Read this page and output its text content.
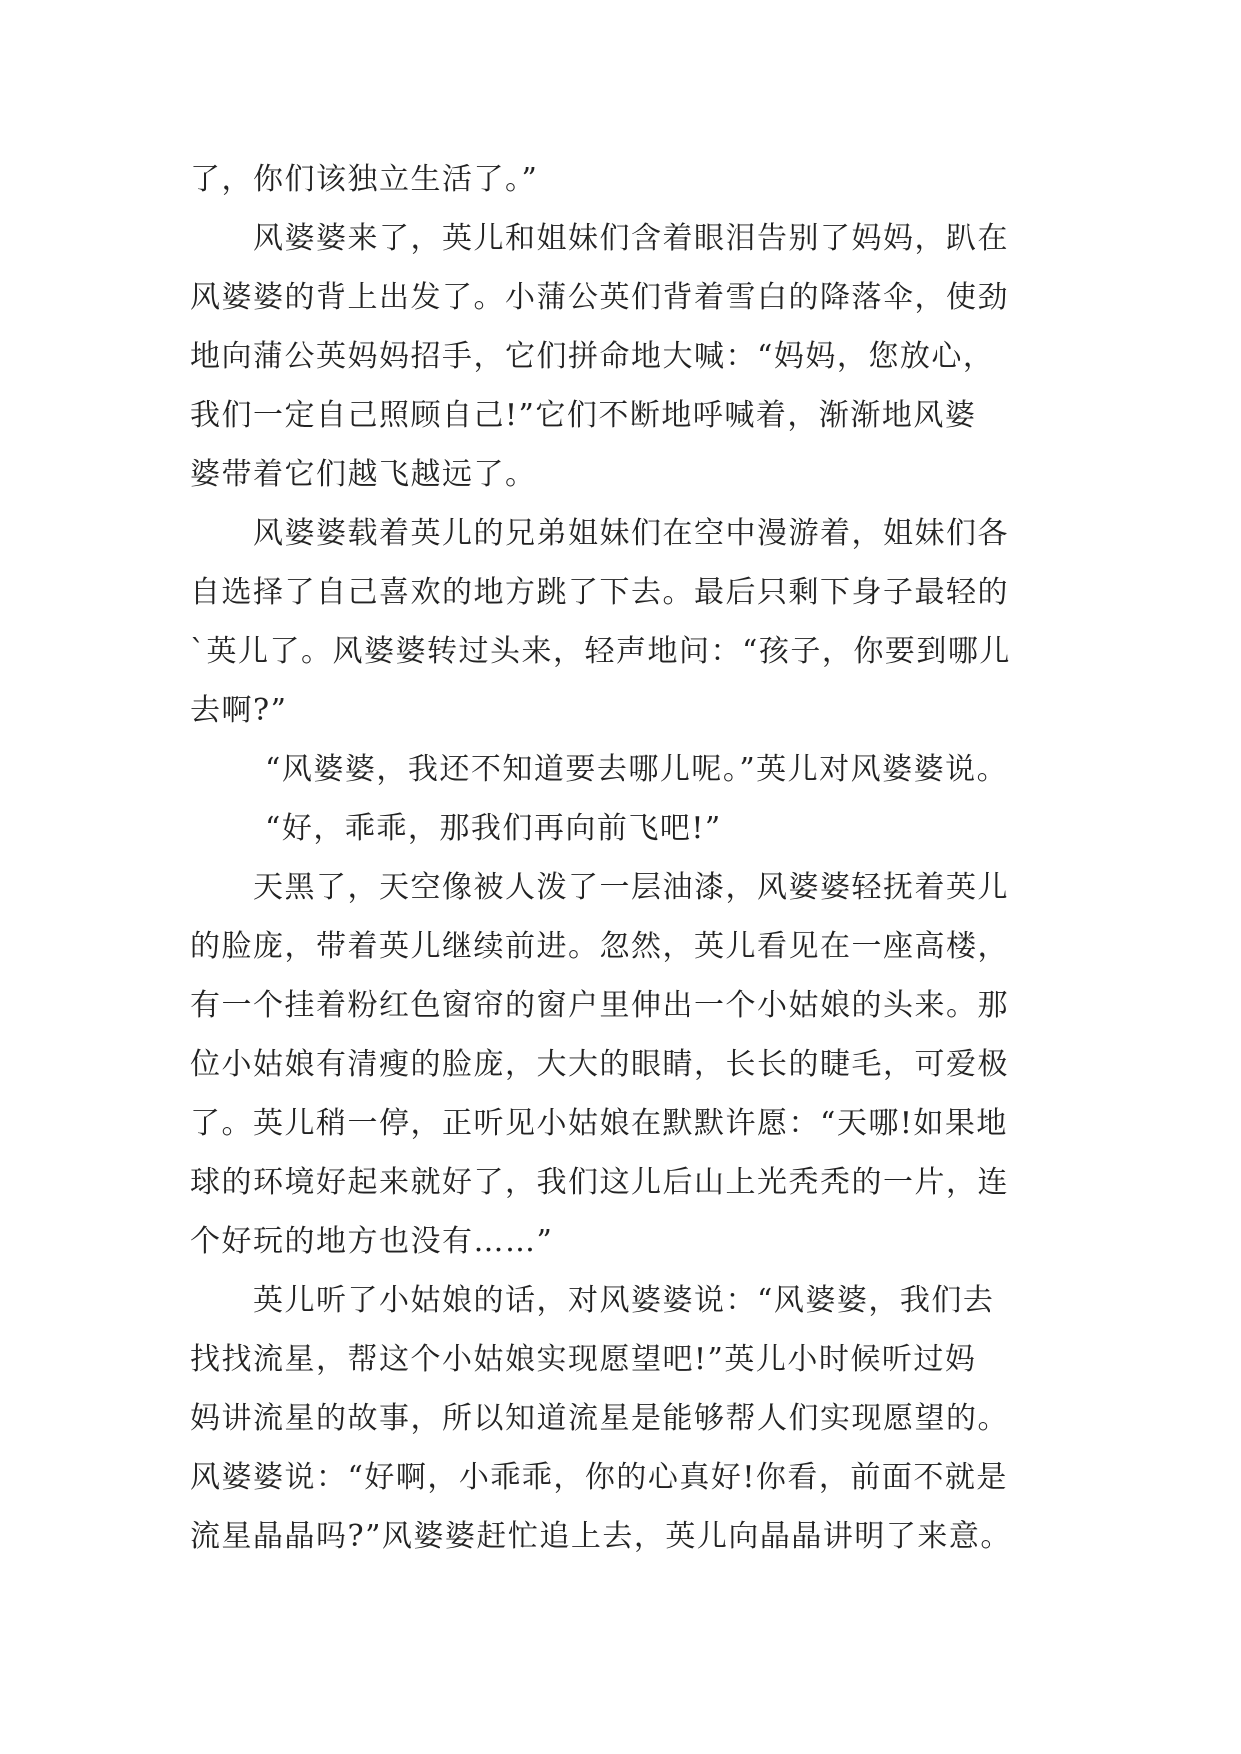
了，你们该独立生活了。”
风婆婆来了，英儿和姐妹们含着眼泪告别了妈妈，趴在
风婆婆的背上出发了。小蒲公英们背着雪白的降落伞，使劲
地向蒲公英妈妈招手，它们拼命地大喊：“妈妈，您放心，
我们一定自己照顾自己!”它们不断地呼喊着，渐渐地风婆
婆带着它们越飞越远了。
风婆婆载着英儿的兄弟姐妹们在空中漫游着，姐妹们各
自选择了自己喜欢的地方跳了下去。最后只剩下身子最轻的
`英儿了。风婆婆转过头来，轻声地问：“孩子，你要到哪儿
去啊?”
“风婆婆，我还不知道要去哪儿呢。”英儿对风婆婆说。
“好，乖乖，那我们再向前飞吧!”
天黑了，天空像被人泼了一层油漆，风婆婆轻抚着英儿
的脸庞，带着英儿继续前进。忽然，英儿看见在一座高楼，
有一个挂着粉红色窗帘的窗户里伸出一个小姑娘的头来。那
位小姑娘有清瘦的脸庞，大大的眼睛，长长的睫毛，可爱极
了。英儿稍一停，正听见小姑娘在默默许愿：“天哪!如果地
球的环境好起来就好了，我们这儿后山上光秃秃的一片，连
个好玩的地方也没有……”
英儿听了小姑娘的话，对风婆婆说：“风婆婆，我们去
找找流星，帮这个小姑娘实现愿望吧!”英儿小时候听过妈
妈讲流星的故事，所以知道流星是能够帮人们实现愿望的。
风婆婆说：“好啊，小乖乖，你的心真好!你看，前面不就是
流星晶晶吗?”风婆婆赶忙追上去，英儿向晶晶讲明了来意。
